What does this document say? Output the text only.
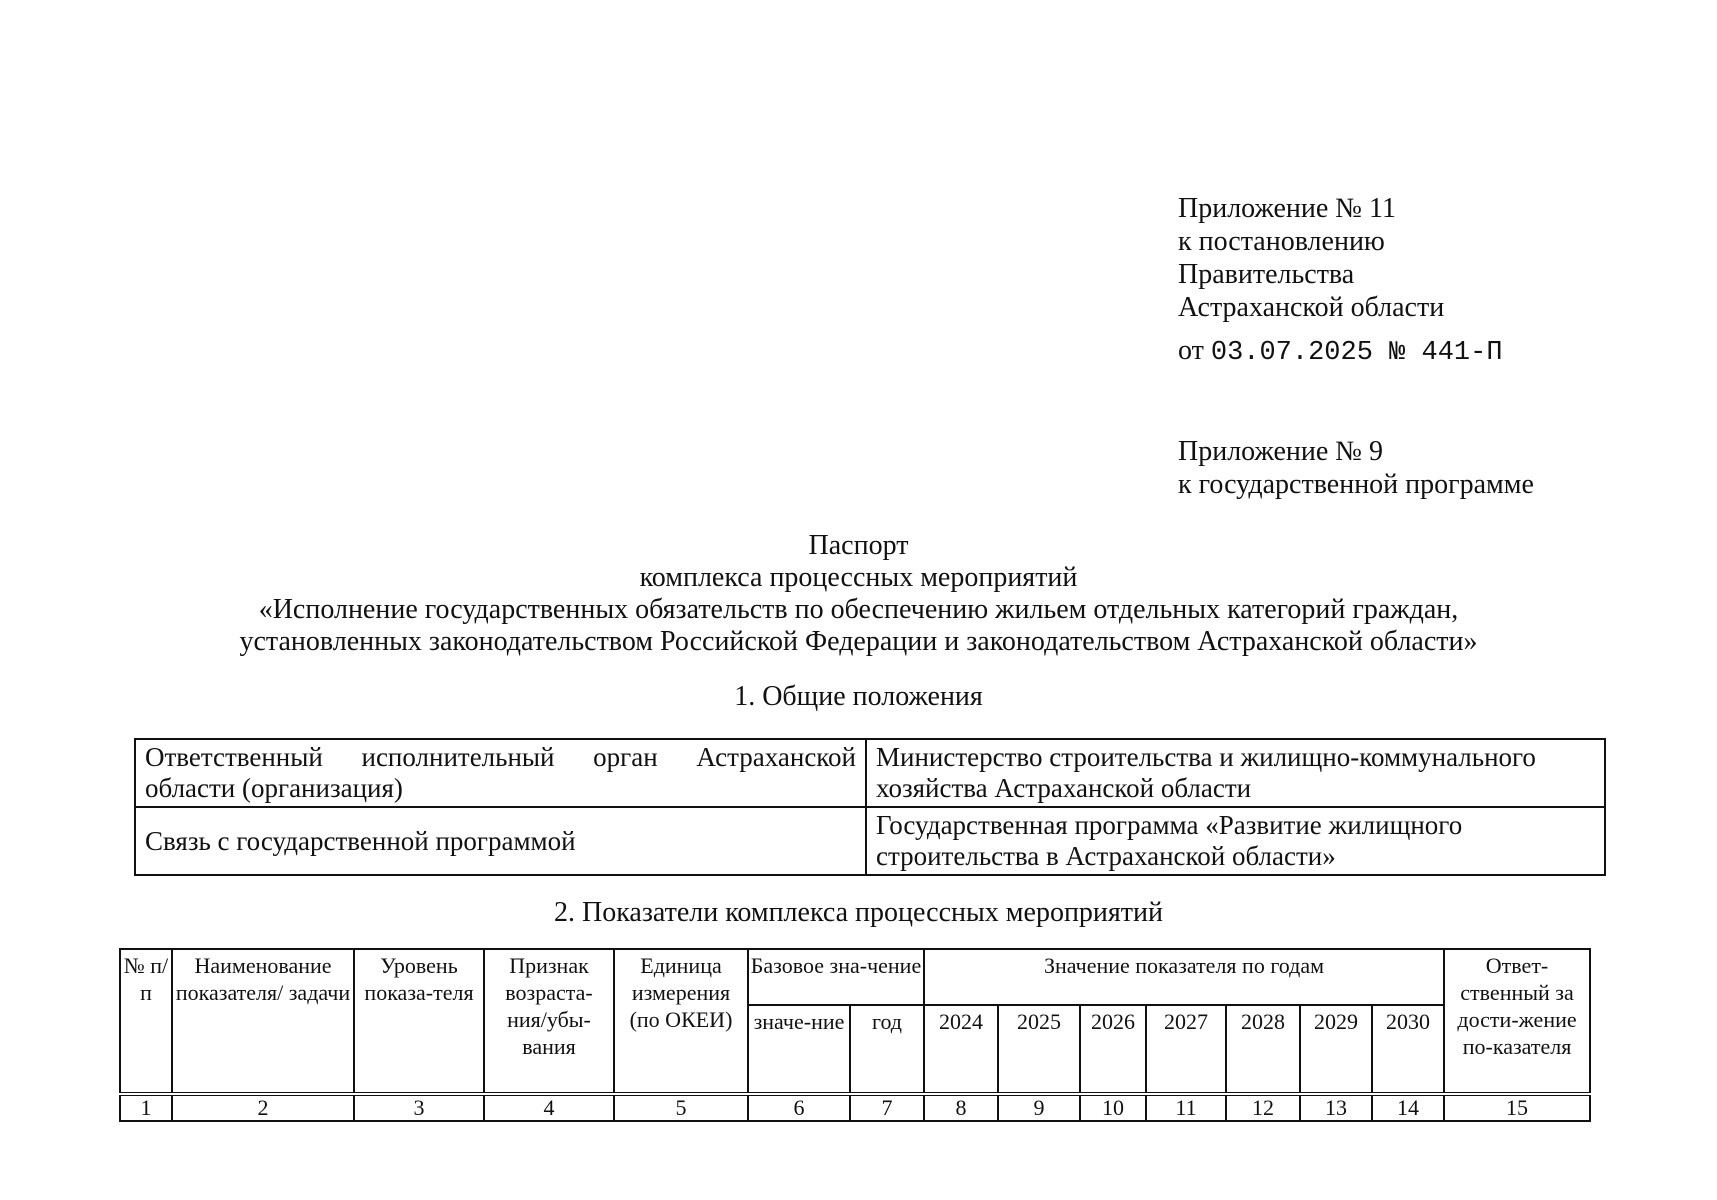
Приложение № 11
к постановлению
Правительства
Астраханской области
от 03.07.2025 № 441-П
Приложение № 9
к государственной программе
Паспорт
комплекса процессных мероприятий
«Исполнение государственных обязательств по обеспечению жильем отдельных категорий граждан,
установленных законодательством Российской Федерации и законодательством Астраханской области»
1. Общие положения
Ответственный исполнительный орган Астраханской области (организация)	Министерство строительства и жилищно-коммунального хозяйства Астраханской области
Связь с государственной программой	Государственная программа «Развитие жилищного строительства в Астраханской области»
2. Показатели комплекса процессных мероприятий
№ п/п	Наименование показателя/ задачи	Уровень показа-теля	Признак возраста-ния/убы-вания	Единица измерения (по ОКЕИ)	Базовое зна-чение		Значение показателя по годам							Ответ-ственный за дости-жение по-казателя
					значе-ние	год	2024	2025	2026	2027	2028	2029	2030	
1	2	3	4	5	6	7	8	9	10	11	12	13	14	15
